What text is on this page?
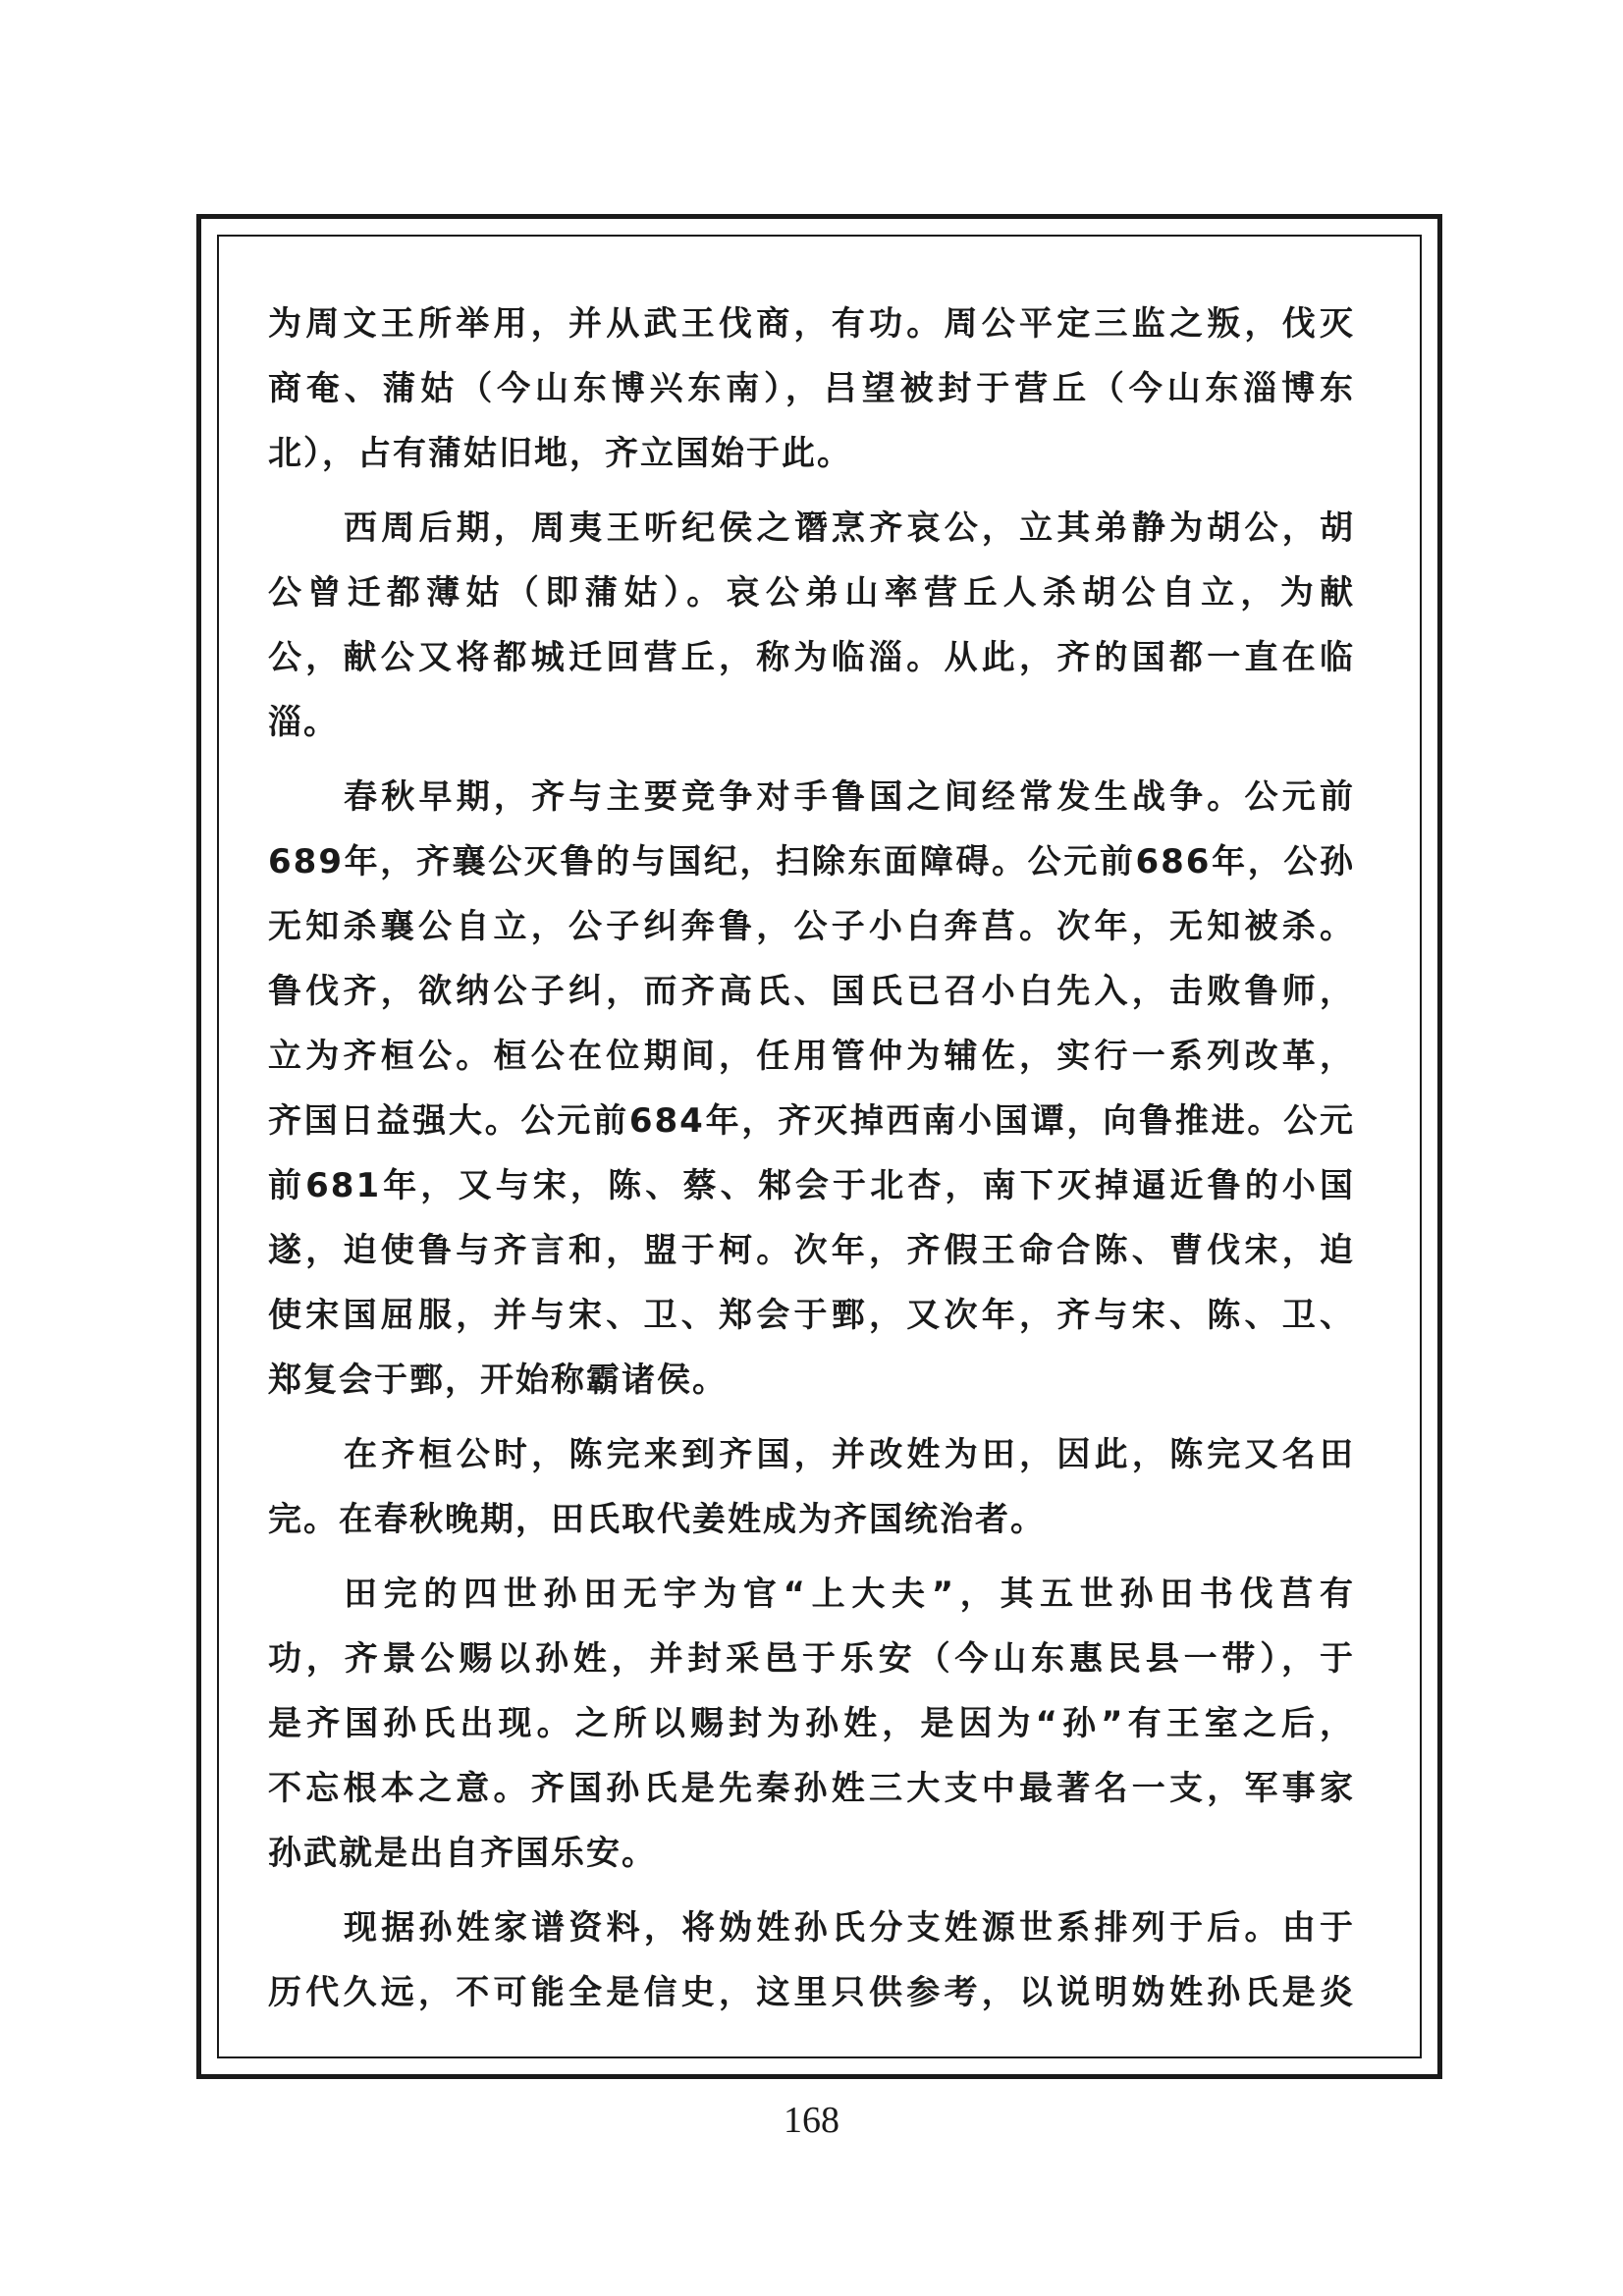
为周文王所举用，并从武王伐商，有功。周公平定三监之叛，伐灭
商奄、蒲姑（今山东博兴东南），吕望被封于营丘（今山东淄博东
北），占有蒲姑旧地，齐立国始于此。

西周后期，周夷王听纪侯之谮烹齐哀公，立其弟静为胡公，胡
公曾迁都薄姑（即蒲姑）。哀公弟山率营丘人杀胡公自立，为献
公，献公又将都城迁回营丘，称为临淄。从此，齐的国都一直在临
淄。

春秋早期，齐与主要竞争对手鲁国之间经常发生战争。公元前
689年，齐襄公灭鲁的与国纪，扫除东面障碍。公元前686年，公孙
无知杀襄公自立，公子纠奔鲁，公子小白奔莒。次年，无知被杀。
鲁伐齐，欲纳公子纠，而齐高氏、国氏已召小白先入，击败鲁师，
立为齐桓公。桓公在位期间，任用管仲为辅佐，实行一系列改革，
齐国日益强大。公元前684年，齐灭掉西南小国谭，向鲁推进。公元
前681年，又与宋，陈、蔡、邾会于北杏，南下灭掉逼近鲁的小国
遂，迫使鲁与齐言和，盟于柯。次年，齐假王命合陈、曹伐宋，迫
使宋国屈服，并与宋、卫、郑会于鄄，又次年，齐与宋、陈、卫、
郑复会于鄄，开始称霸诸侯。

在齐桓公时，陈完来到齐国，并改姓为田，因此，陈完又名田
完。在春秋晚期，田氏取代姜姓成为齐国统治者。

田完的四世孙田无宇为官“上大夫”，其五世孙田书伐莒有
功，齐景公赐以孙姓，并封采邑于乐安（今山东惠民县一带），于
是齐国孙氏出现。之所以赐封为孙姓，是因为“孙”有王室之后，
不忘根本之意。齐国孙氏是先秦孙姓三大支中最著名一支，军事家
孙武就是出自齐国乐安。

现据孙姓家谱资料，将妫姓孙氏分支姓源世系排列于后。由于
历代久远，不可能全是信史，这里只供参考，以说明妫姓孙氏是炎

168
